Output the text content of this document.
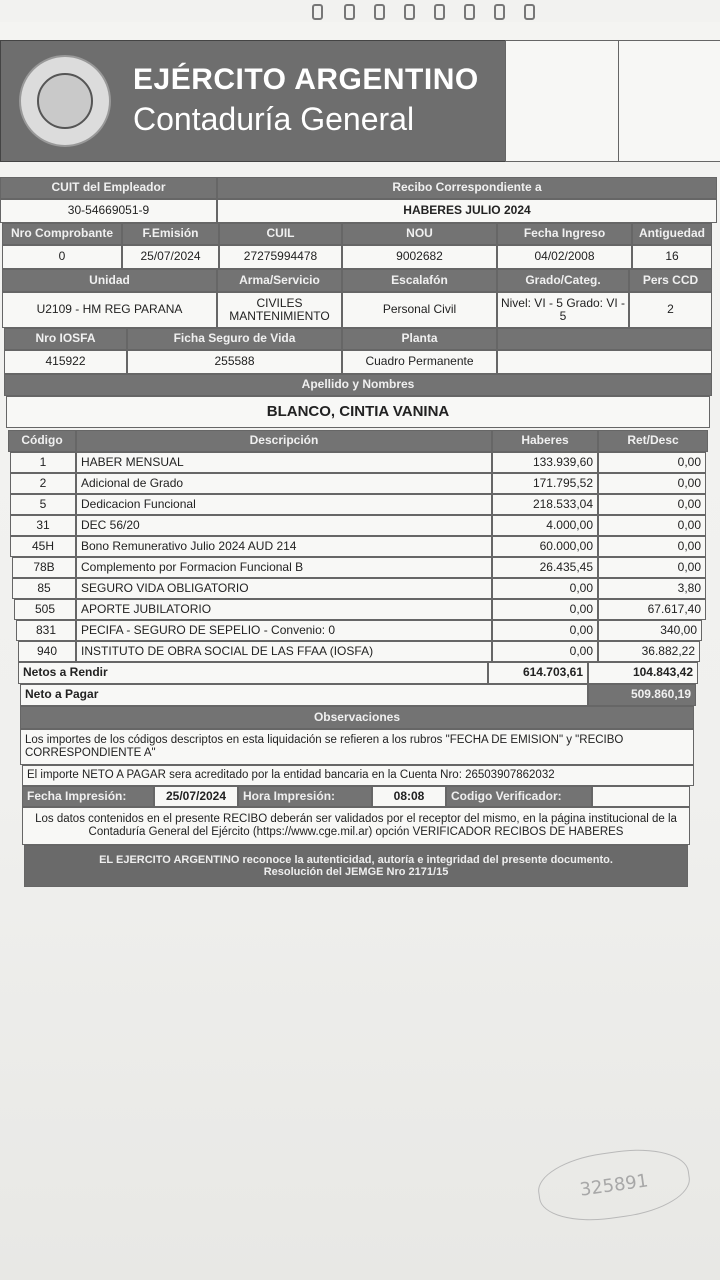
EJÉRCITO ARGENTINO
Contaduría General
CUIT del Empleador	Recibo Correspondiente a
30-54669051-9	HABERES JULIO 2024
Nro Comprobante	F.Emisión	CUIL	NOU	Fecha Ingreso	Antiguedad
0	25/07/2024	27275994478	9002682	04/02/2008	16
Unidad	Arma/Servicio	Escalafón	Grado/Categ.	Pers CCD
U2109 - HM REG PARANA	CIVILES MANTENIMIENTO	Personal Civil	Nivel: VI - 5 Grado: VI - 5	2
Nro IOSFA	Ficha Seguro de Vida	Planta
415922	255588	Cuadro Permanente
Apellido y Nombres
BLANCO, CINTIA VANINA
Código	Descripción	Haberes	Ret/Desc
1	HABER MENSUAL	133.939,60	0,00
2	Adicional de Grado	171.795,52	0,00
5	Dedicacion Funcional	218.533,04	0,00
31	DEC 56/20	4.000,00	0,00
45H	Bono Remunerativo Julio 2024 AUD 214	60.000,00	0,00
78B	Complemento por Formacion Funcional B	26.435,45	0,00
85	SEGURO VIDA OBLIGATORIO	0,00	3,80
505	APORTE JUBILATORIO	0,00	67.617,40
831	PECIFA - SEGURO DE SEPELIO - Convenio: 0	0,00	340,00
940	INSTITUTO DE OBRA SOCIAL DE LAS FFAA (IOSFA)	0,00	36.882,22
Netos a Rendir	614.703,61	104.843,42
Neto a Pagar	509.860,19
Observaciones
Los importes de los códigos descriptos en esta liquidación se refieren a los rubros "FECHA DE EMISION" y "RECIBO CORRESPONDIENTE A"
El importe NETO A PAGAR sera acreditado por la entidad bancaria en la Cuenta Nro: 26503907862032
Fecha Impresión:	25/07/2024	Hora Impresión:	08:08	Codigo Verificador:
Los datos contenidos en el presente RECIBO deberán ser validados por el receptor del mismo, en la página institucional de la Contaduría General del Ejército (https://www.cge.mil.ar) opción VERIFICADOR RECIBOS DE HABERES
EL EJERCITO ARGENTINO reconoce la autenticidad, autoría e integridad del presente documento.
Resolución del JEMGE Nro 2171/15
325891
